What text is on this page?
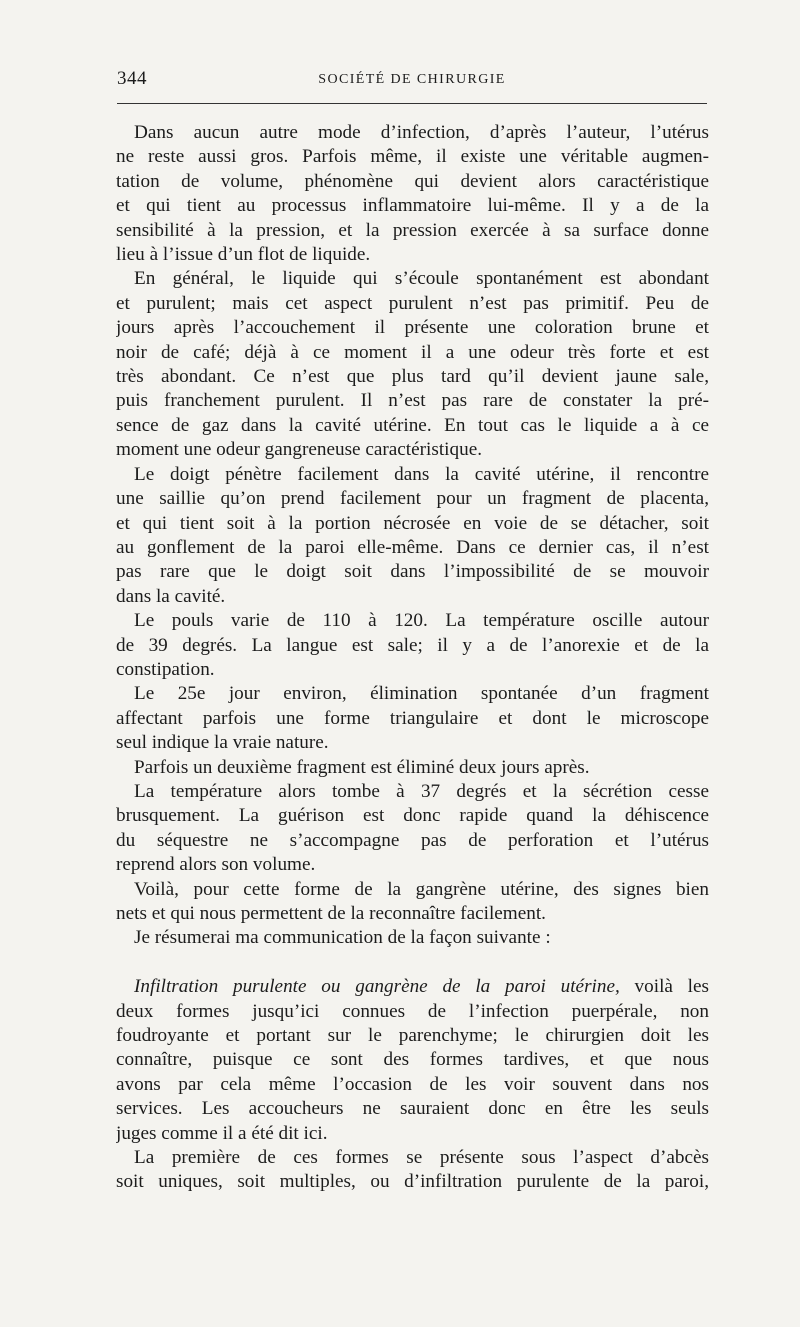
344	SOCIÉTÉ DE CHIRURGIE
Dans aucun autre mode d’infection, d’après l’auteur, l’utérus
ne reste aussi gros. Parfois même, il existe une véritable augmen-
tation de volume, phénomène qui devient alors caractéristique
et qui tient au processus inflammatoire lui-même. Il y a de la
sensibilité à la pression, et la pression exercée à sa surface donne
lieu à l’issue d’un flot de liquide.
En général, le liquide qui s’écoule spontanément est abondant
et purulent; mais cet aspect purulent n’est pas primitif. Peu de
jours après l’accouchement il présente une coloration brune et
noir de café; déjà à ce moment il a une odeur très forte et est
très abondant. Ce n’est que plus tard qu’il devient jaune sale,
puis franchement purulent. Il n’est pas rare de constater la pré-
sence de gaz dans la cavité utérine. En tout cas le liquide a à ce
moment une odeur gangreneuse caractéristique.
Le doigt pénètre facilement dans la cavité utérine, il rencontre
une saillie qu’on prend facilement pour un fragment de placenta,
et qui tient soit à la portion nécrosée en voie de se détacher, soit
au gonflement de la paroi elle-même. Dans ce dernier cas, il n’est
pas rare que le doigt soit dans l’impossibilité de se mouvoir
dans la cavité.
Le pouls varie de 110 à 120. La température oscille autour
de 39 degrés. La langue est sale; il y a de l’anorexie et de la
constipation.
Le 25e jour environ, élimination spontanée d’un fragment
affectant parfois une forme triangulaire et dont le microscope
seul indique la vraie nature.
Parfois un deuxième fragment est éliminé deux jours après.
La température alors tombe à 37 degrés et la sécrétion cesse
brusquement. La guérison est donc rapide quand la déhiscence
du séquestre ne s’accompagne pas de perforation et l’utérus
reprend alors son volume.
Voilà, pour cette forme de la gangrène utérine, des signes bien
nets et qui nous permettent de la reconnaître facilement.
Je résumerai ma communication de la façon suivante :
Infiltration purulente ou gangrène de la paroi utérine, voilà les
deux formes jusqu’ici connues de l’infection puerpérale, non
foudroyante et portant sur le parenchyme; le chirurgien doit les
connaître, puisque ce sont des formes tardives, et que nous
avons par cela même l’occasion de les voir souvent dans nos
services. Les accoucheurs ne sauraient donc en être les seuls
juges comme il a été dit ici.
La première de ces formes se présente sous l’aspect d’abcès
soit uniques, soit multiples, ou d’infiltration purulente de la paroi,
